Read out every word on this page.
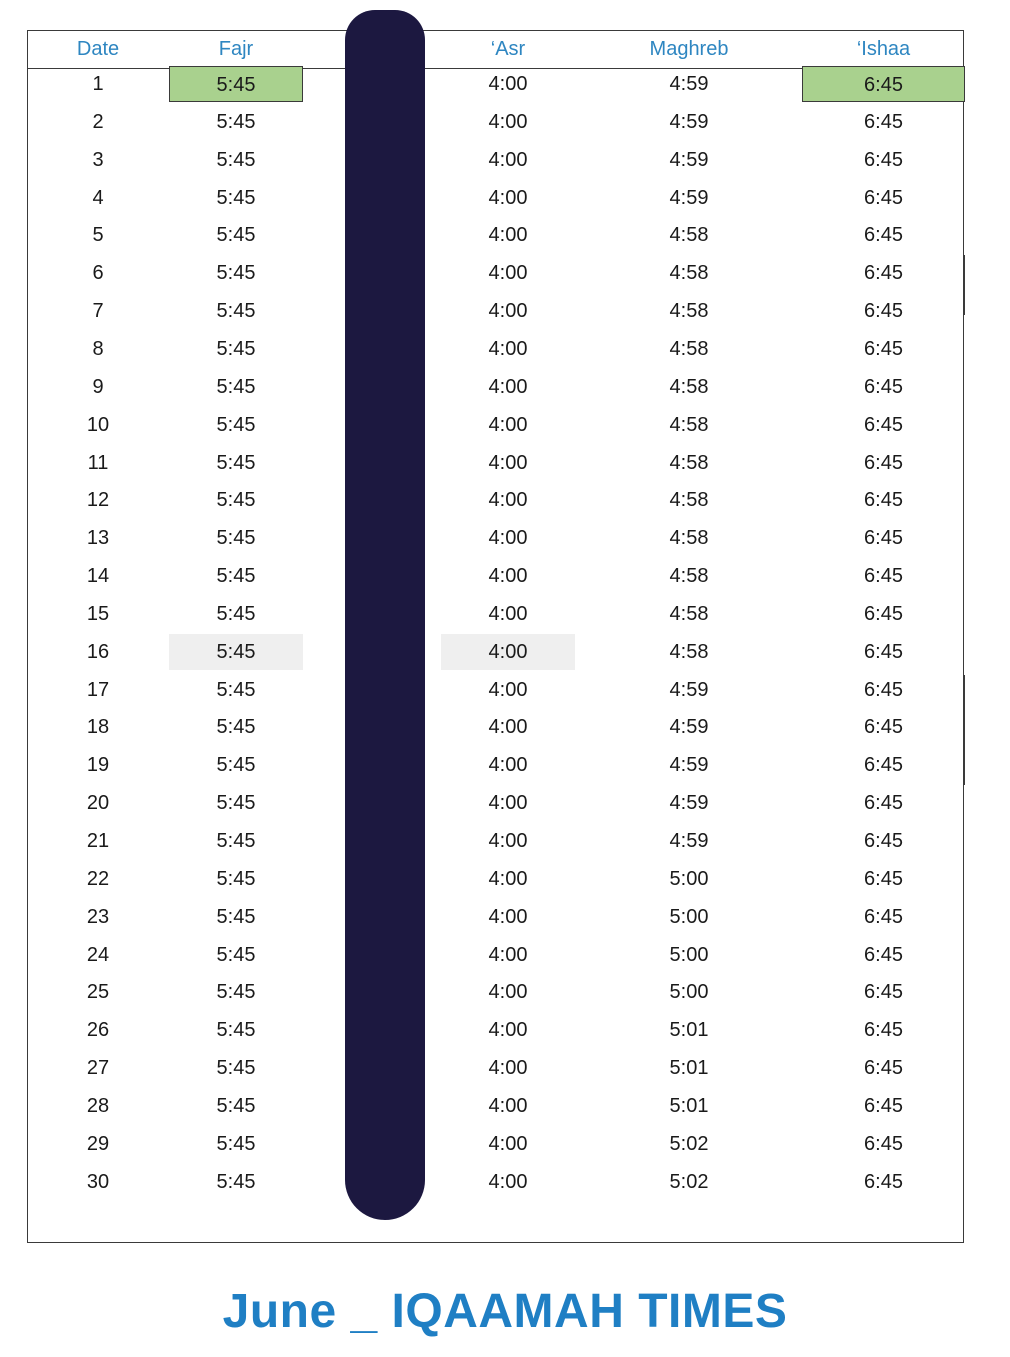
Date	Fajr	‘Asr	Maghreb	‘Ishaa
1	5:45	4:00	4:59	6:45
2	5:45	4:00	4:59	6:45
3	5:45	4:00	4:59	6:45
4	5:45	4:00	4:59	6:45
5	5:45	4:00	4:58	6:45
6	5:45	4:00	4:58	6:45
7	5:45	4:00	4:58	6:45
8	5:45	4:00	4:58	6:45
9	5:45	4:00	4:58	6:45
10	5:45	4:00	4:58	6:45
11	5:45	4:00	4:58	6:45
12	5:45	4:00	4:58	6:45
13	5:45	4:00	4:58	6:45
14	5:45	4:00	4:58	6:45
15	5:45	4:00	4:58	6:45
16	5:45	4:00	4:58	6:45
17	5:45	4:00	4:59	6:45
18	5:45	4:00	4:59	6:45
19	5:45	4:00	4:59	6:45
20	5:45	4:00	4:59	6:45
21	5:45	4:00	4:59	6:45
22	5:45	4:00	5:00	6:45
23	5:45	4:00	5:00	6:45
24	5:45	4:00	5:00	6:45
25	5:45	4:00	5:00	6:45
26	5:45	4:00	5:01	6:45
27	5:45	4:00	5:01	6:45
28	5:45	4:00	5:01	6:45
29	5:45	4:00	5:02	6:45
30	5:45	4:00	5:02	6:45
June _ IQAAMAH TIMES
